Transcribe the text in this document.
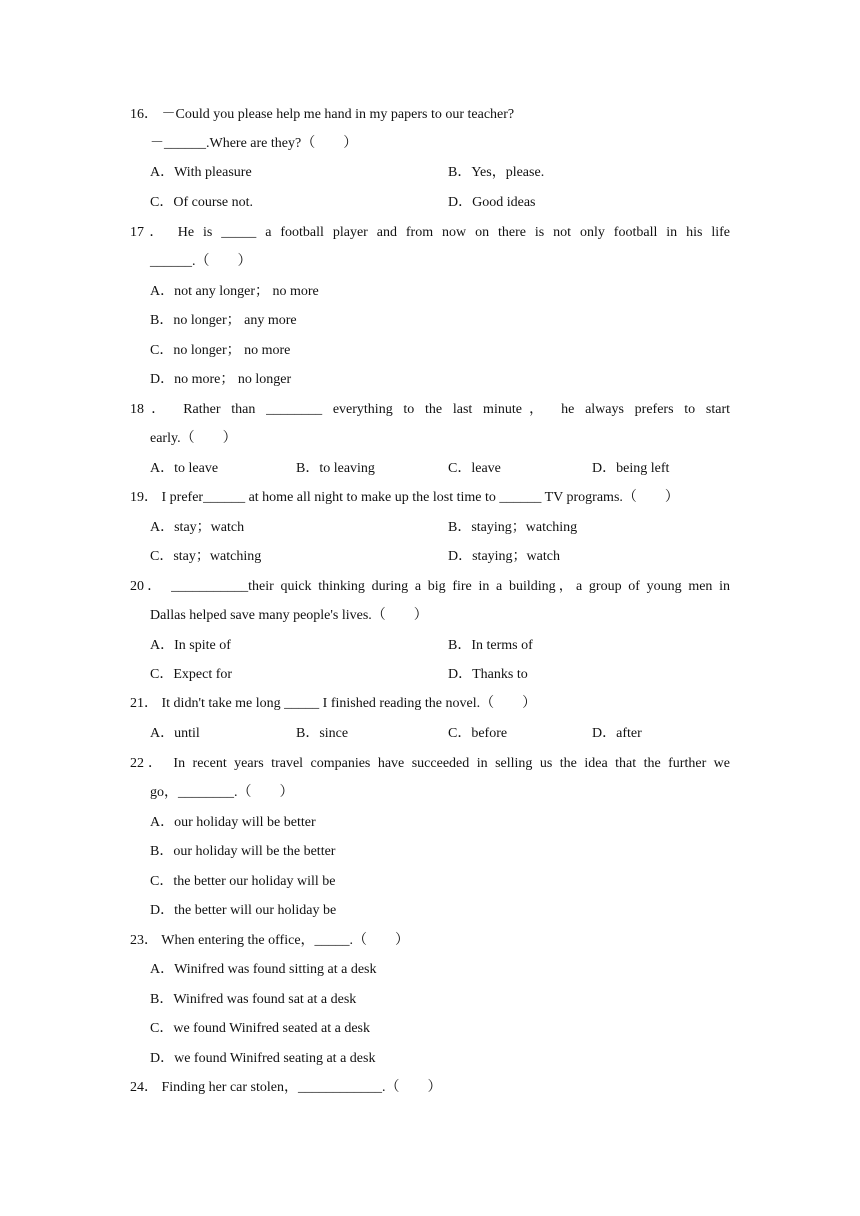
16． －Could you please help me hand in my papers to our teacher?
－______.Where are they?（　　）
A．With pleasure	B．Yes，please.
C．Of course not.	D．Good ideas
17． He is _____ a football player and from now on there is not only football in his life
______.（　　）
A．not any longer； no more
B．no longer； any more
C．no longer； no more
D．no more； no longer
18． Rather than ________ everything to the last minute， he always prefers to start
early.（　　）
A．to leave	B．to leaving	C．leave	D．being left
19． I prefer______ at home all night to make up the lost time to ______ TV programs.（　　）
A．stay；watch	B．staying；watching
C．stay；watching	D．staying；watch
20． ___________their quick thinking during a big fire in a building，a group of young men in
Dallas helped save many people's lives.（　　）
A．In spite of	B．In terms of
C．Expect for	D．Thanks to
21． It didn't take me long _____ I finished reading the novel.（　　）
A．until	B．since	C．before	D．after
22． In recent years travel companies have succeeded in selling us the idea that the further we
go，________.（　　）
A．our holiday will be better
B．our holiday will be the better
C．the better our holiday will be
D．the better will our holiday be
23． When entering the office，_____.（　　）
A．Winifred was found sitting at a desk
B．Winifred was found sat at a desk
C．we found Winifred seated at a desk
D．we found Winifred seating at a desk
24． Finding her car stolen，____________.（　　）
